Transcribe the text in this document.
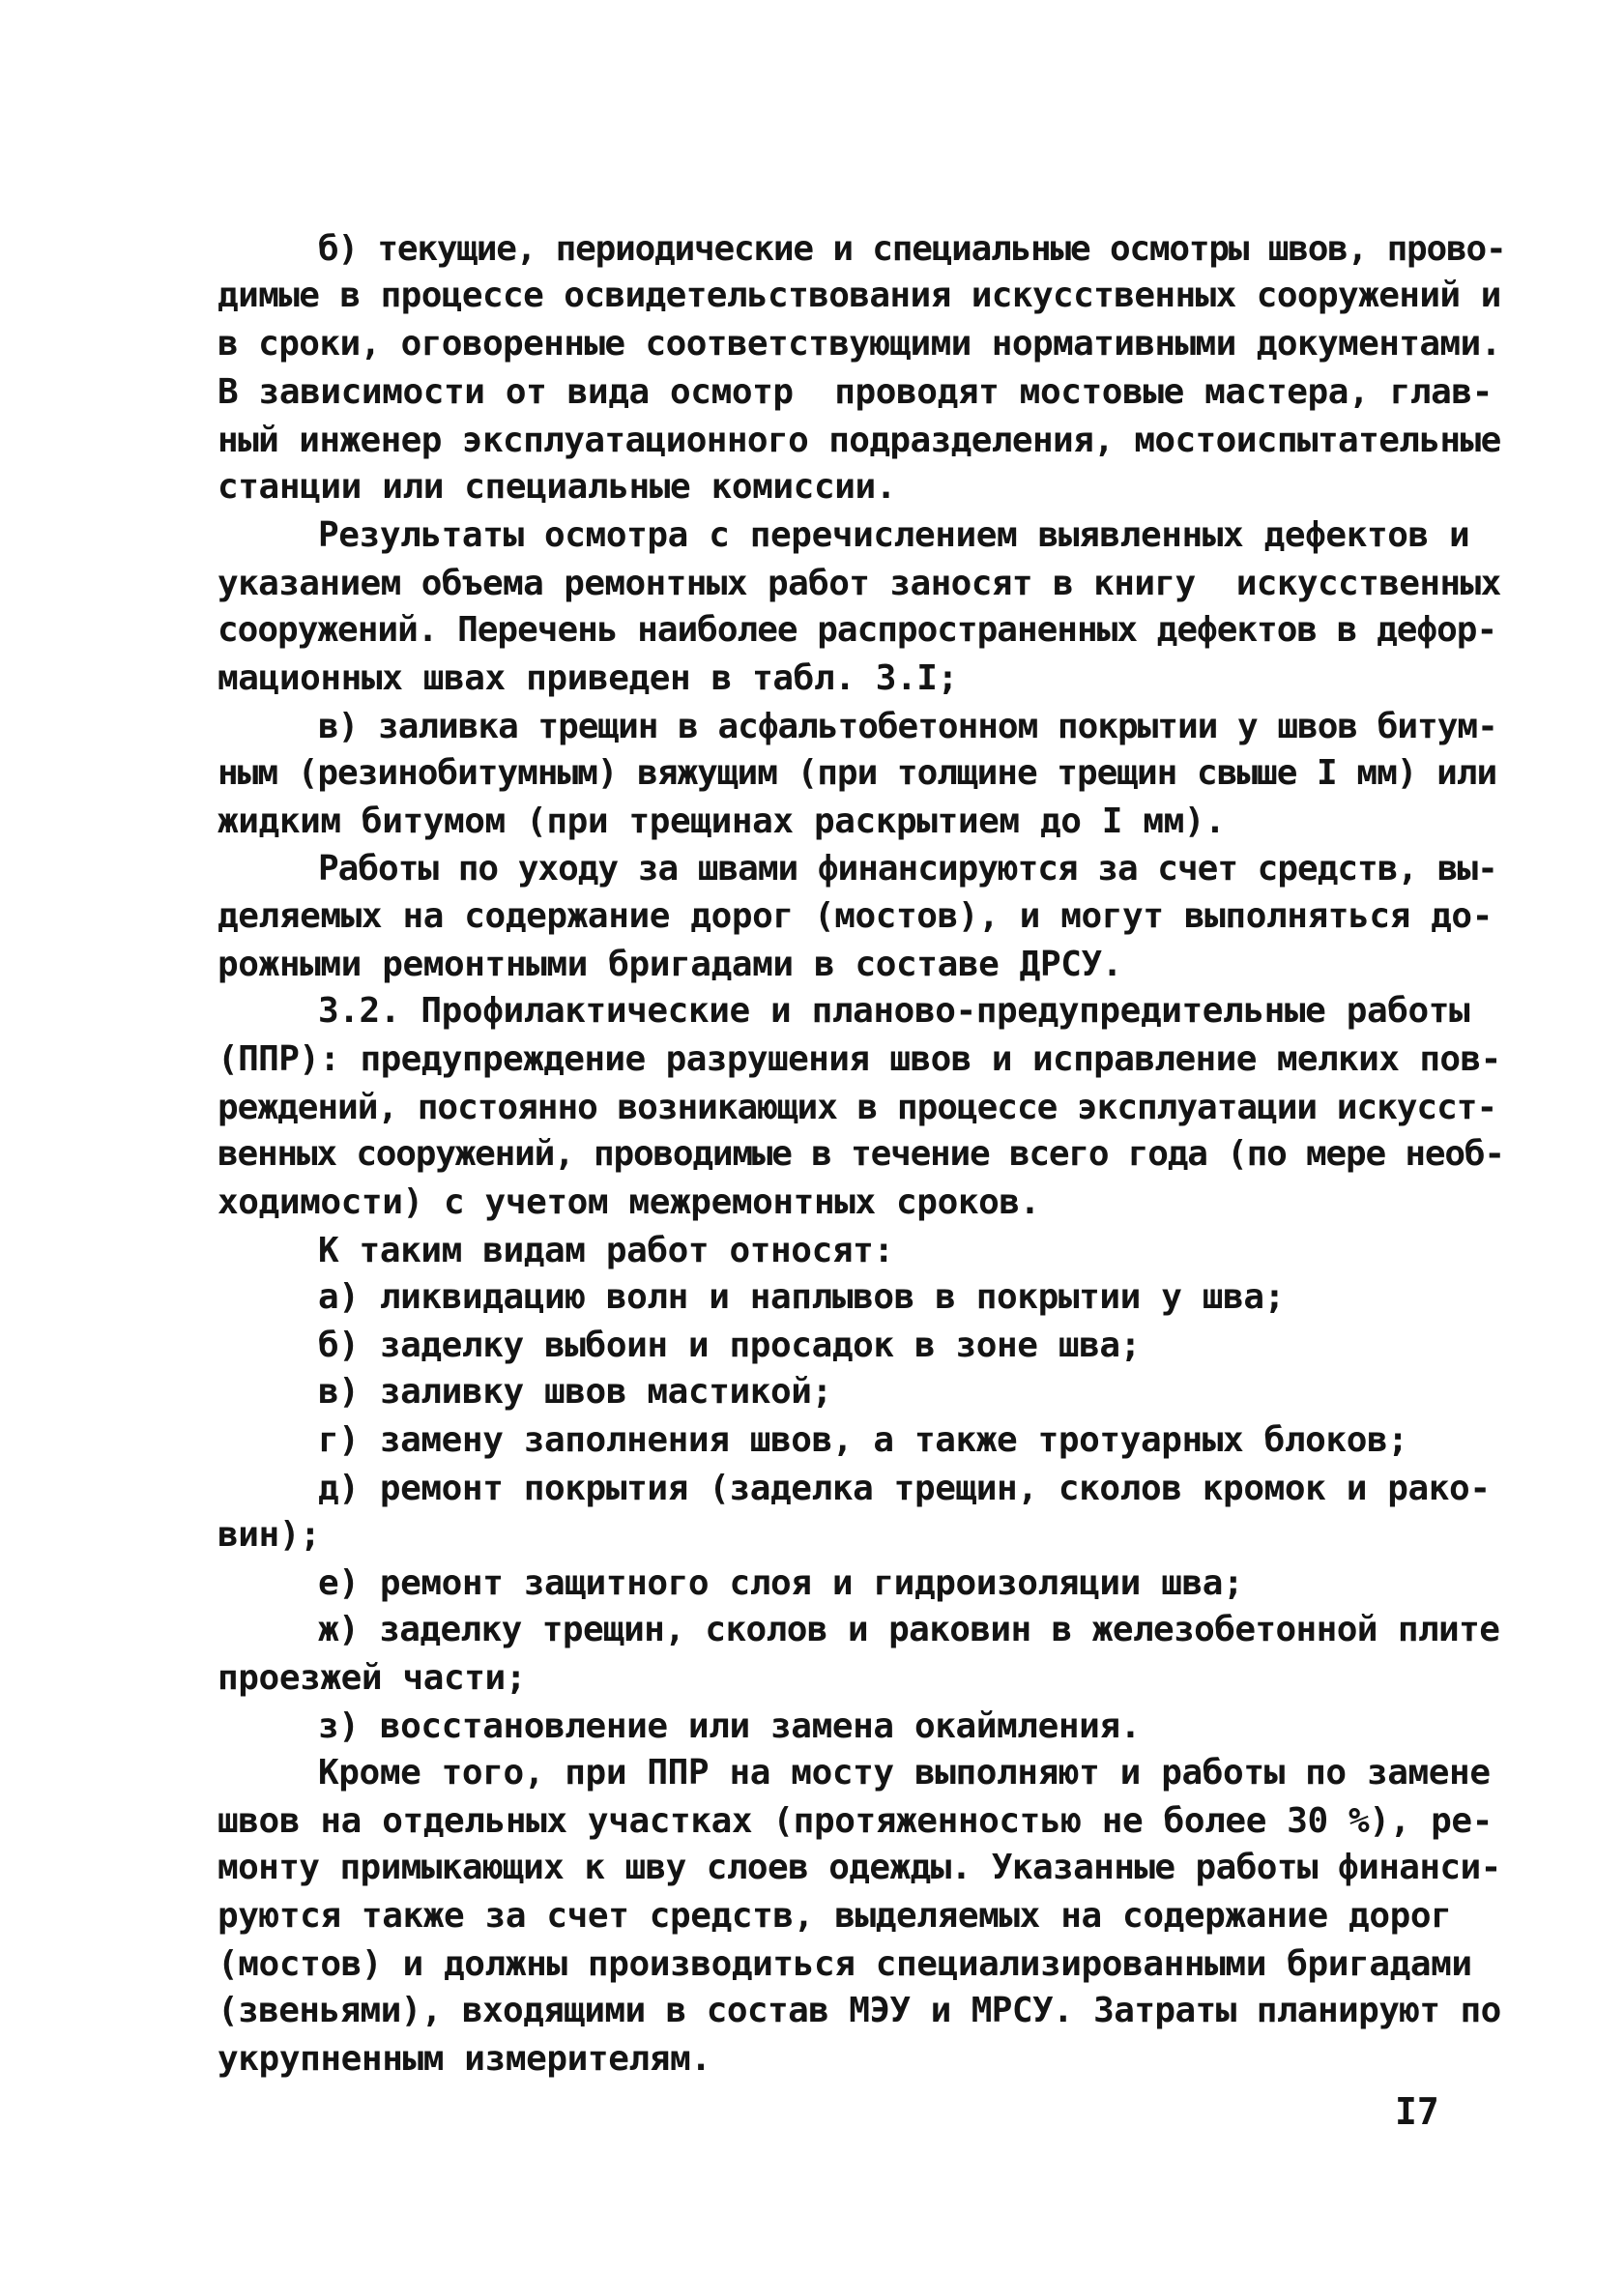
б) текущие, периодические и специальные осмотры швов, прово-
димые в процессе освидетельствования искусственных сооружений и
в сроки, оговоренные соответствующими нормативными документами.
В зависимости от вида осмотр  проводят мостовые мастера, глав-
ный инженер эксплуатационного подразделения, мостоиспытательные
станции или специальные комиссии.
Результаты осмотра с перечислением выявленных дефектов и
указанием объема ремонтных работ заносят в книгу  искусственных
сооружений. Перечень наиболее распространенных дефектов в дефор-
мационных швах приведен в табл. 3.I;
в) заливка трещин в асфальтобетонном покрытии у швов битум-
ным (резинобитумным) вяжущим (при толщине трещин свыше I мм) или
жидким битумом (при трещинах раскрытием до I мм).
Работы по уходу за швами финансируются за счет средств, вы-
деляемых на содержание дорог (мостов), и могут выполняться до-
рожными ремонтными бригадами в составе ДРСУ.
3.2. Профилактические и планово-предупредительные работы
(ППР): предупреждение разрушения швов и исправление мелких пов-
реждений, постоянно возникающих в процессе эксплуатации искусст-
венных сооружений, проводимые в течение всего года (по мере необ-
ходимости) с учетом межремонтных сроков.
К таким видам работ относят:
а) ликвидацию волн и наплывов в покрытии у шва;
б) заделку выбоин и просадок в зоне шва;
в) заливку швов мастикой;
г) замену заполнения швов, а также тротуарных блоков;
д) ремонт покрытия (заделка трещин, сколов кромок и рако-
вин);
е) ремонт защитного слоя и гидроизоляции шва;
ж) заделку трещин, сколов и раковин в железобетонной плите
проезжей части;
з) восстановление или замена окаймления.
Кроме того, при ППР на мосту выполняют и работы по замене
швов на отдельных участках (протяженностью не более 30 %), ре-
монту примыкающих к шву слоев одежды. Указанные работы финанси-
руются также за счет средств, выделяемых на содержание дорог
(мостов) и должны производиться специализированными бригадами
(звеньями), входящими в состав МЭУ и МРСУ. Затраты планируют по
укрупненным измерителям.
I7
